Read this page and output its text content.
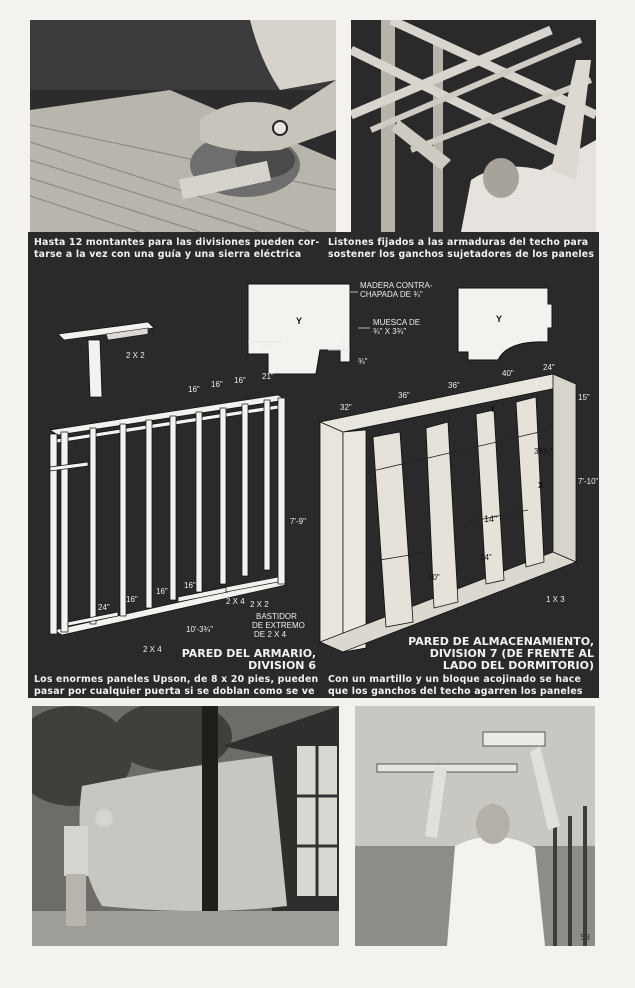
Hasta 12 montantes para las divisiones pueden cor-
tarse a la vez con una guía y una sierra eléctrica
Listones fijados a las armaduras del techo para
sostener los ganchos sujetadores de los paneles
Y	Y
MADERA CONTRA-
CHAPADA DE ¾"
MUESCA DE
¾" X 3¾"
3"
10"
¾"
2 X 2
16"
16" 16" 21"
24"
16"
16"
16"
10'-3¾"
7'-9"
2 X 4
2 X 4
2 X 2
BASTIDOR
DE EXTREMO
DE 2 X 4
32"
36"
36"
40"
24"
36¾"
14"
24"
10"
15"
7'-10"
1 X 3
Y
X
PARED DEL ARMARIO,
DIVISION 6
PARED DE ALMACENAMIENTO,
DIVISION 7 (DE FRENTE AL
LADO DEL DORMITORIO)
Los enormes paneles Upson, de 8 x 20 pies, pueden
pasar por cualquier puerta si se doblan como se ve
Con un martillo y un bloque acojinado se hace
que los ganchos del techo agarren los paneles
53
